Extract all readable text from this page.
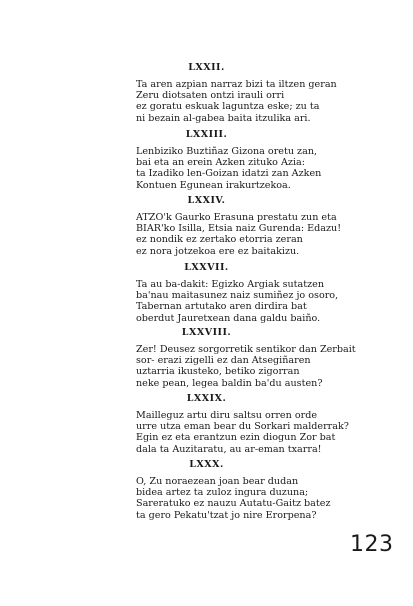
LXXII.
Ta aren azpian narraz bizi ta iltzen geran
Zeru diotsaten ontzi irauli orri
ez goratu eskuak laguntza eske; zu ta
ni bezain al-gabea baita itzulika ari.
LXXIII.
Lenbiziko Buztiñaz Gizona oretu zan,
bai eta an erein Azken zituko Azia:
ta Izadiko len-Goizan idatzi zan Azken
Kontuen Egunean irakurtzekoa.
LXXIV.
ATZO'k Gaurko Erasuna prestatu zun eta
BIAR'ko Isilla, Etsia naiz Gurenda: Edazu!
ez nondik ez zertako etorria zeran
ez nora jotzekoa ere ez baitakizu.
LXXVII.
Ta au ba-dakit: Egizko Argiak sutatzen
ba'nau maitasunez naiz sumiñez jo osoro,
Tabernan artutako aren dirdira bat
oberdut Jauretxean dana galdu baiño.
LXXVIII.
Zer! Deusez sorgorretik sentikor dan Zerbait
sor- erazi zigelli ez dan Atsegiñaren
uztarria ikusteko, betiko zigorran
neke pean, legea baldin ba'du austen?
LXXIX.
Mailleguz artu diru saltsu orren orde
urre utza eman bear du Sorkari malderrak?
Egin ez eta erantzun ezin diogun Zor bat
dala ta Auzitaratu, au ar-eman txarra!
LXXX.
O, Zu noraezean joan bear dudan
bidea artez ta zuloz ingura duzuna;
Sareratuko ez nauzu Autatu-Gaitz batez
ta gero Pekatu'tzat jo nire Erorpena?
123
